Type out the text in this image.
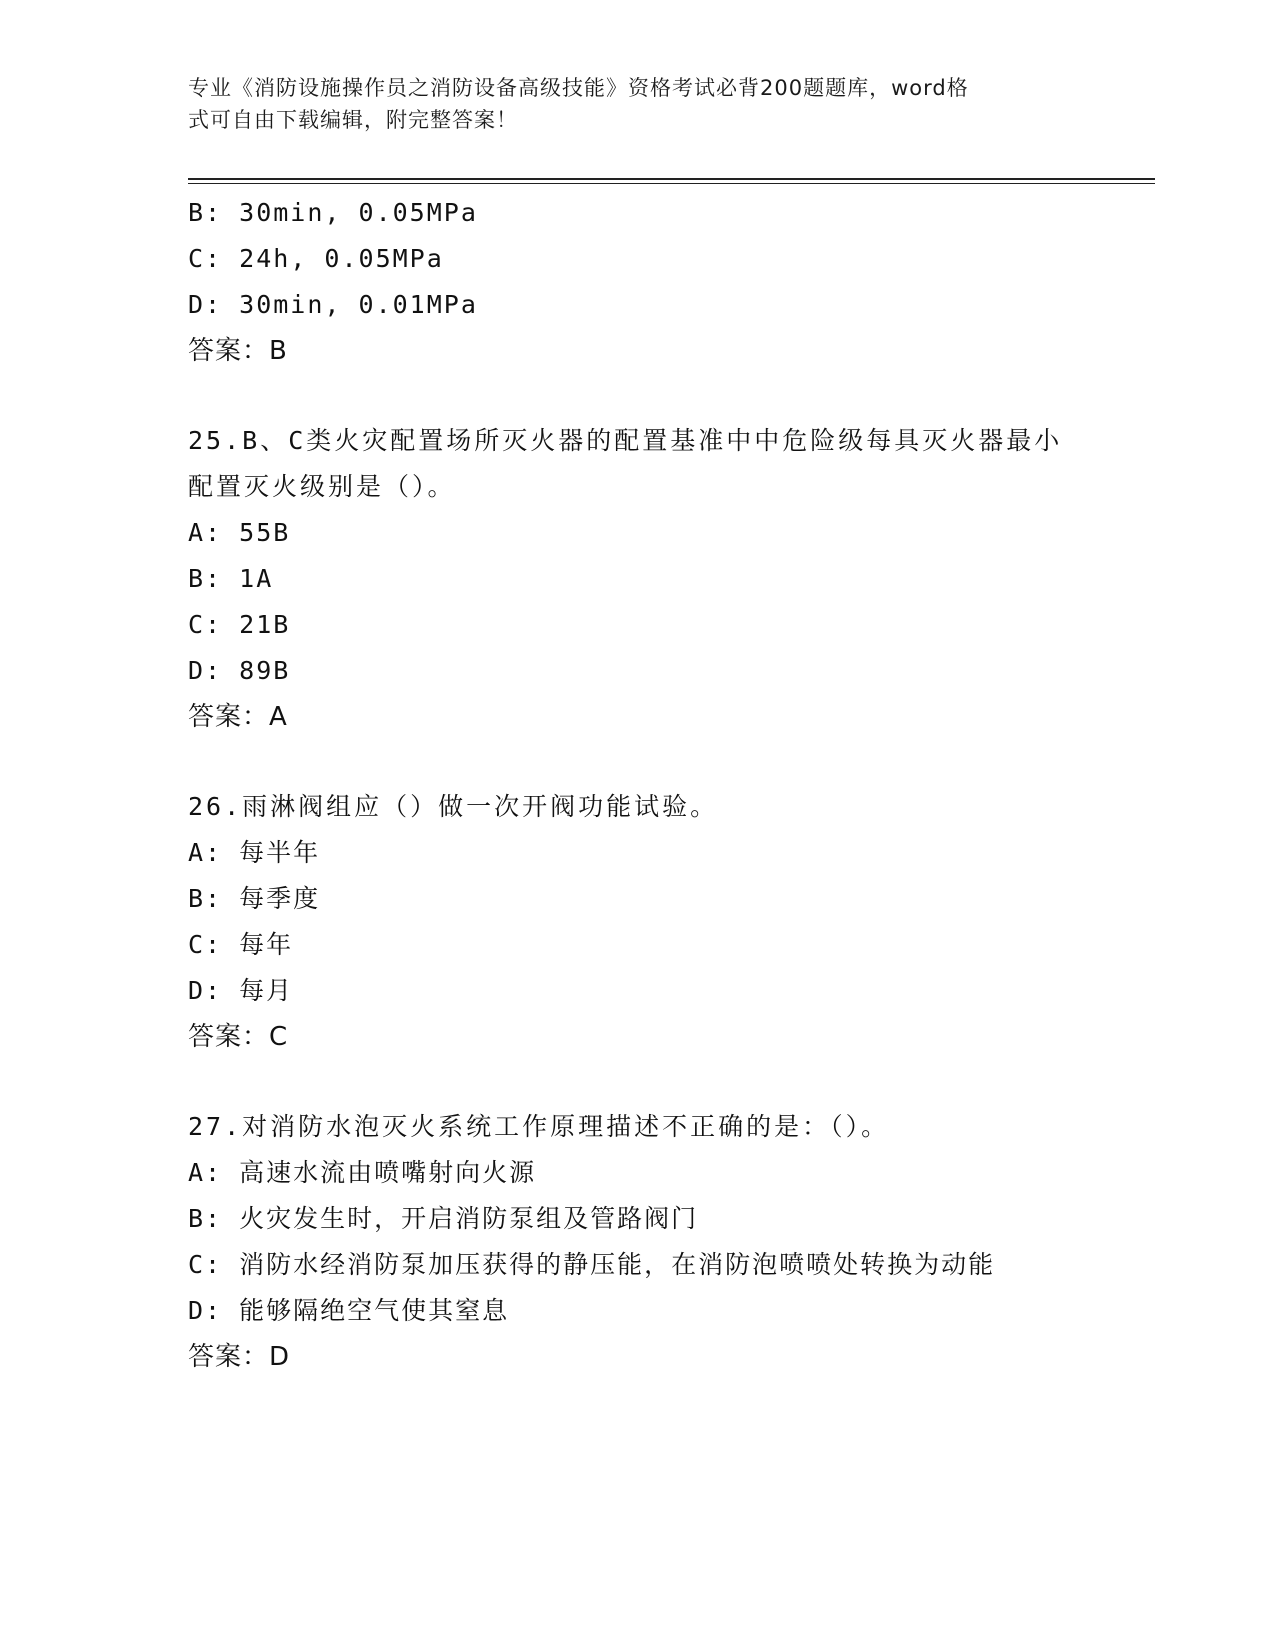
专业《消防设施操作员之消防设备高级技能》资格考试必背200题题库，word格
式可自由下载编辑，附完整答案！
B: 30min, 0.05MPa
C: 24h, 0.05MPa
D: 30min, 0.01MPa
答案：B
25.B、C类火灾配置场所灭火器的配置基准中中危险级每具灭火器最小
配置灭火级别是（）。
A: 55B
B: 1A
C: 21B
D: 89B
答案：A
26.雨淋阀组应（）做一次开阀功能试验。
A: 每半年
B: 每季度
C: 每年
D: 每月
答案：C
27.对消防水泡灭火系统工作原理描述不正确的是：（）。
A: 高速水流由喷嘴射向火源
B: 火灾发生时，开启消防泵组及管路阀门
C: 消防水经消防泵加压获得的静压能，在消防泡喷喷处转换为动能
D: 能够隔绝空气使其窒息
答案：D
